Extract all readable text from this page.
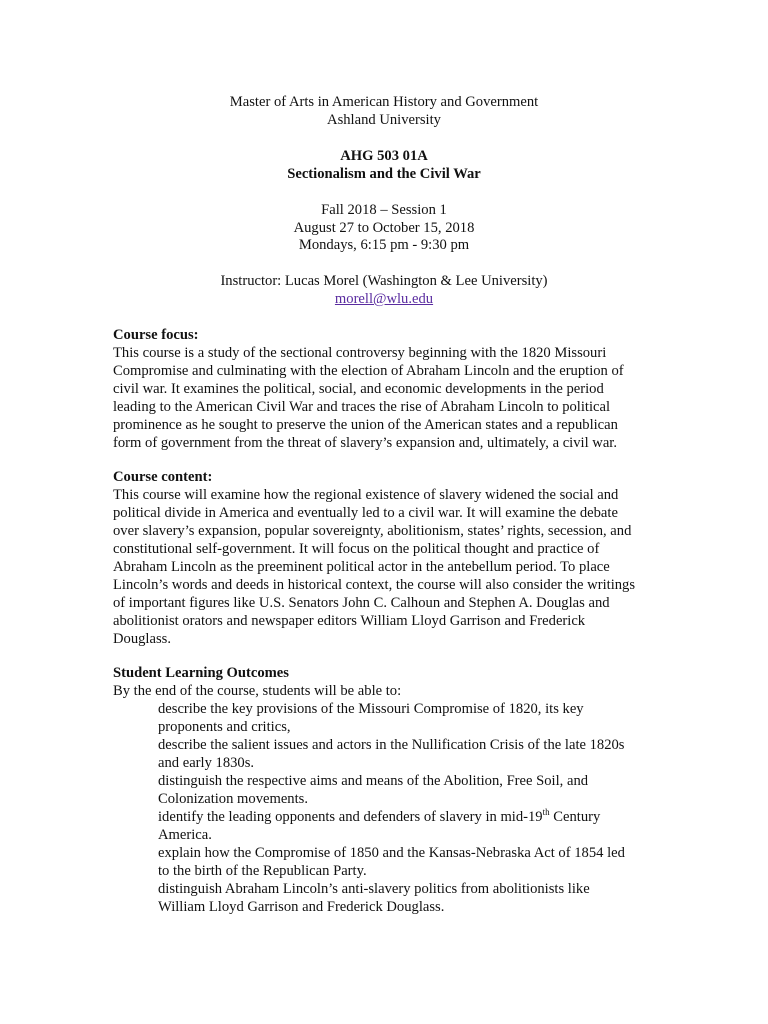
Master of Arts in American History and Government
Ashland University
AHG 503 01A
Sectionalism and the Civil War
Fall 2018 – Session 1
August 27 to October 15, 2018
Mondays, 6:15 pm - 9:30 pm
Instructor: Lucas Morel (Washington & Lee University)
morell@wlu.edu
Course focus:
This course is a study of the sectional controversy beginning with the 1820 Missouri
Compromise and culminating with the election of Abraham Lincoln and the eruption of
civil war. It examines the political, social, and economic developments in the period
leading to the American Civil War and traces the rise of Abraham Lincoln to political
prominence as he sought to preserve the union of the American states and a republican
form of government from the threat of slavery’s expansion and, ultimately, a civil war.
Course content:
This course will examine how the regional existence of slavery widened the social and
political divide in America and eventually led to a civil war. It will examine the debate
over slavery’s expansion, popular sovereignty, abolitionism, states’ rights, secession, and
constitutional self-government. It will focus on the political thought and practice of
Abraham Lincoln as the preeminent political actor in the antebellum period. To place
Lincoln’s words and deeds in historical context, the course will also consider the writings
of important figures like U.S. Senators John C. Calhoun and Stephen A. Douglas and
abolitionist orators and newspaper editors William Lloyd Garrison and Frederick
Douglass.
Student Learning Outcomes
By the end of the course, students will be able to:
describe the key provisions of the Missouri Compromise of 1820, its key
proponents and critics,
describe the salient issues and actors in the Nullification Crisis of the late 1820s
and early 1830s.
distinguish the respective aims and means of the Abolition, Free Soil, and
Colonization movements.
identify the leading opponents and defenders of slavery in mid-19th Century
America.
explain how the Compromise of 1850 and the Kansas-Nebraska Act of 1854 led
to the birth of the Republican Party.
distinguish Abraham Lincoln’s anti-slavery politics from abolitionists like
William Lloyd Garrison and Frederick Douglass.
